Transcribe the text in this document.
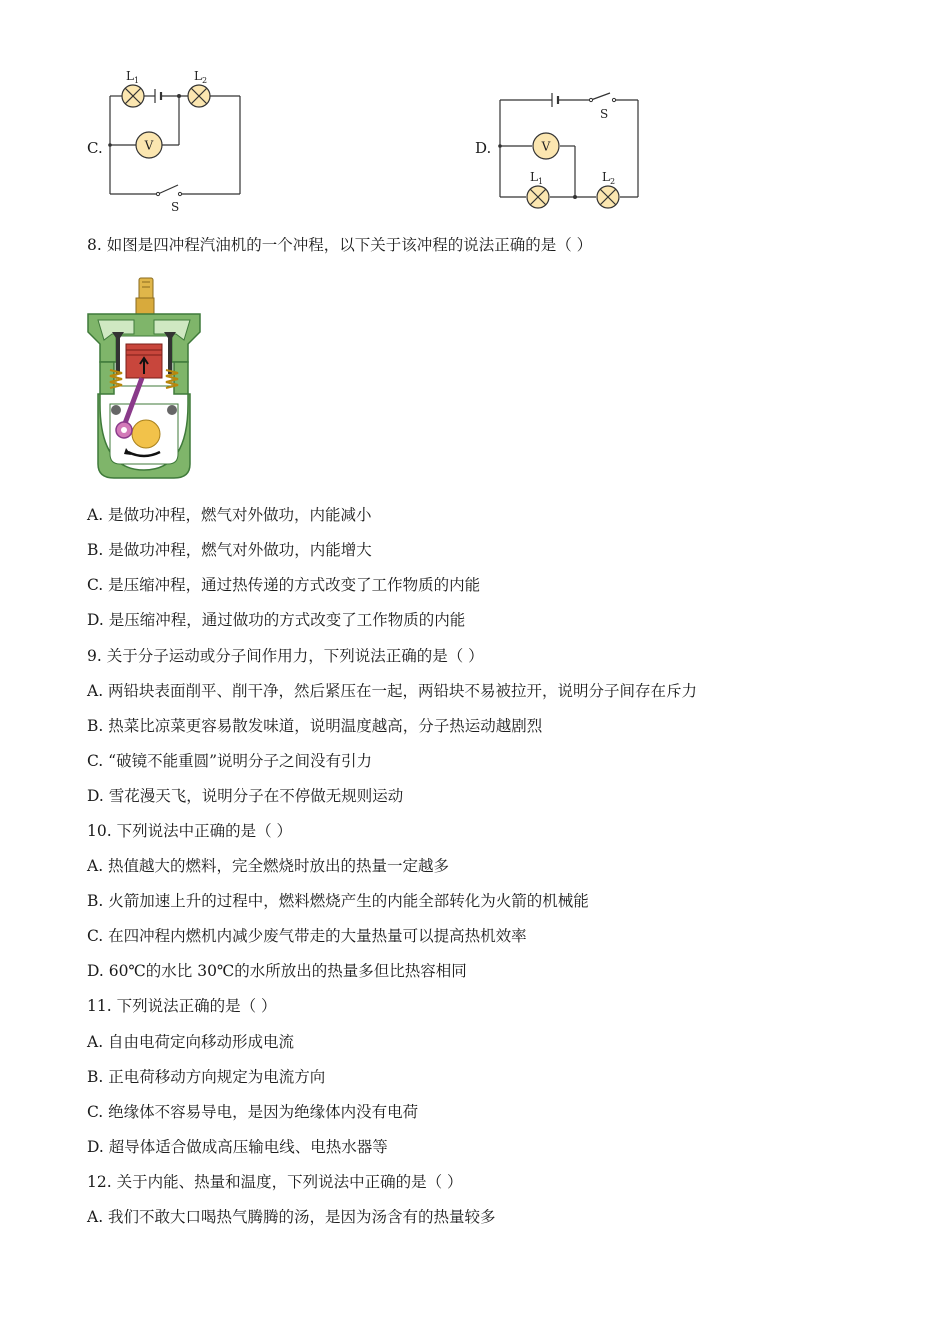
C.	V
L 1	L 2
S
D.	V
L 1	L 2
S
8. 如图是四冲程汽油机的一个冲程，以下关于该冲程的说法正确的是（ ）
A. 是做功冲程，燃气对外做功，内能减小
B. 是做功冲程，燃气对外做功，内能增大
C. 是压缩冲程，通过热传递的方式改变了工作物质的内能
D. 是压缩冲程，通过做功的方式改变了工作物质的内能
9. 关于分子运动或分子间作用力，下列说法正确的是（ ）
A. 两铅块表面削平、削干净，然后紧压在一起，两铅块不易被拉开，说明分子间存在斥力
B. 热菜比凉菜更容易散发味道，说明温度越高，分子热运动越剧烈
C. “破镜不能重圆”说明分子之间没有引力
D. 雪花漫天飞，说明分子在不停做无规则运动
10. 下列说法中正确的是（ ）
A. 热值越大的燃料，完全燃烧时放出的热量一定越多
B. 火箭加速上升的过程中，燃料燃烧产生的内能全部转化为火箭的机械能
C. 在四冲程内燃机内减少废气带走的大量热量可以提高热机效率
D. 60℃的水比 30℃的水所放出的热量多但比热容相同
11. 下列说法正确的是（ ）
A. 自由电荷定向移动形成电流
B. 正电荷移动方向规定为电流方向
C. 绝缘体不容易导电，是因为绝缘体内没有电荷
D. 超导体适合做成高压输电线、电热水器等
12. 关于内能、热量和温度，下列说法中正确的是（ ）
A. 我们不敢大口喝热气腾腾的汤，是因为汤含有的热量较多
